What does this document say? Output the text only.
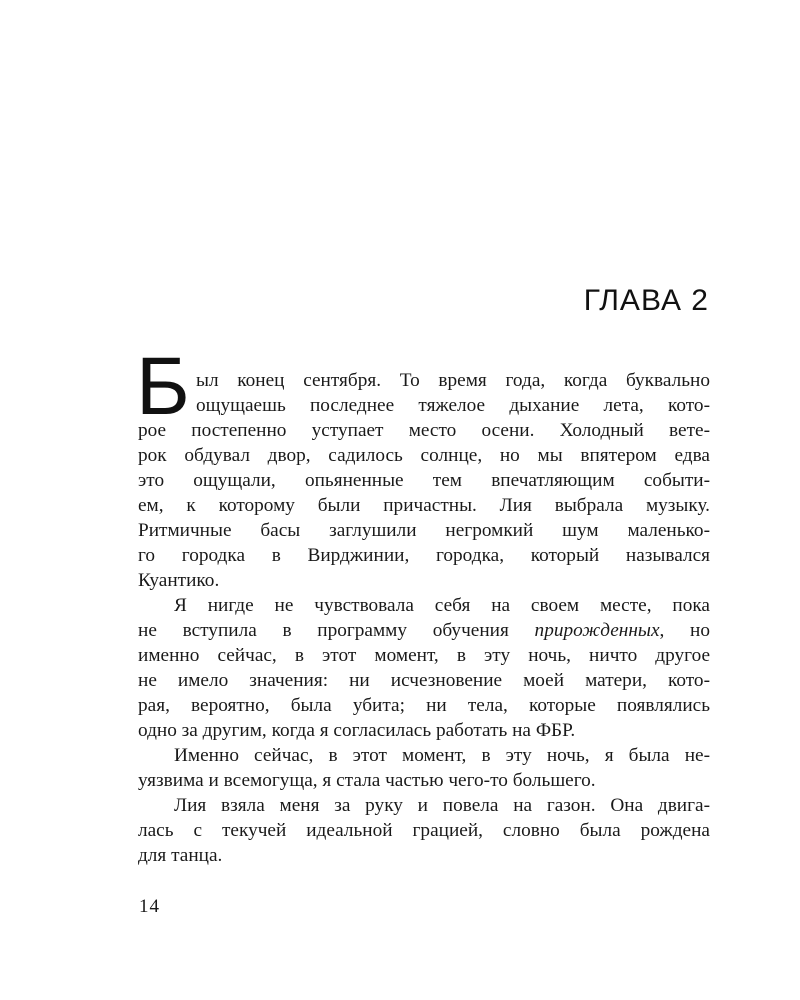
ГЛАВА 2
Б ыл конец сентября. То время года, когда буквально
ощущаешь последнее тяжелое дыхание лета, кото-
рое постепенно уступает место осени. Холодный вете-
рок обдувал двор, садилось солнце, но мы впятером едва
это ощущали, опьяненные тем впечатляющим событи-
ем, к которому были причастны. Лия выбрала музыку.
Ритмичные басы заглушили негромкий шум маленько-
го городка в Вирджинии, городка, который назывался
Куантико.
Я нигде не чувствовала себя на своем месте, пока
не вступила в программу обучения прирожденных, но
именно сейчас, в этот момент, в эту ночь, ничто другое
не имело значения: ни исчезновение моей матери, кото-
рая, вероятно, была убита; ни тела, которые появлялись
одно за другим, когда я согласилась работать на ФБР.
Именно сейчас, в этот момент, в эту ночь, я была не-
уязвима и всемогуща, я стала частью чего-то большего.
Лия взяла меня за руку и повела на газон. Она двига-
лась с текучей идеальной грацией, словно была рождена
для танца.
14
